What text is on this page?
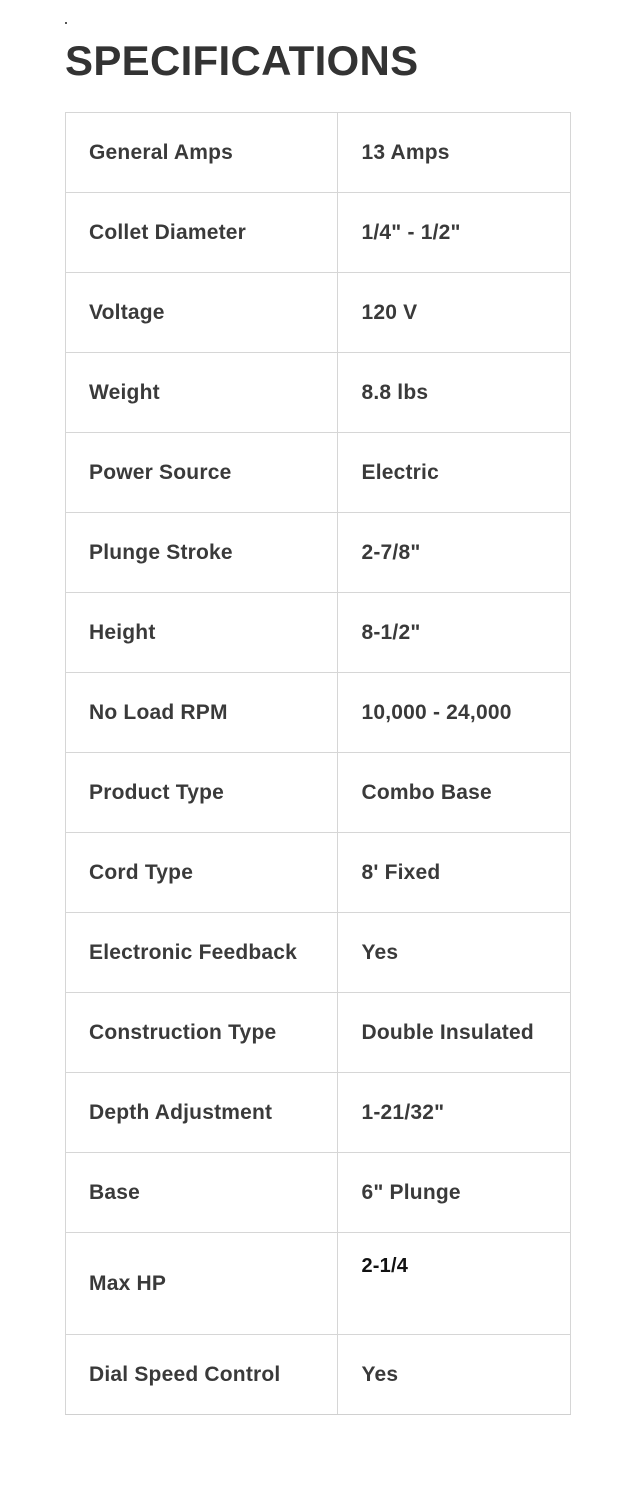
SPECIFICATIONS
General Amps	13 Amps
Collet Diameter	1/4" - 1/2"
Voltage	120 V
Weight	8.8 lbs
Power Source	Electric
Plunge Stroke	2-7/8"
Height	8-1/2"
No Load RPM	10,000 - 24,000
Product Type	Combo Base
Cord Type	8' Fixed
Electronic Feedback	Yes
Construction Type	Double Insulated
Depth Adjustment	1-21/32"
Base	6" Plunge
Max HP	2-1/4
Dial Speed Control	Yes
